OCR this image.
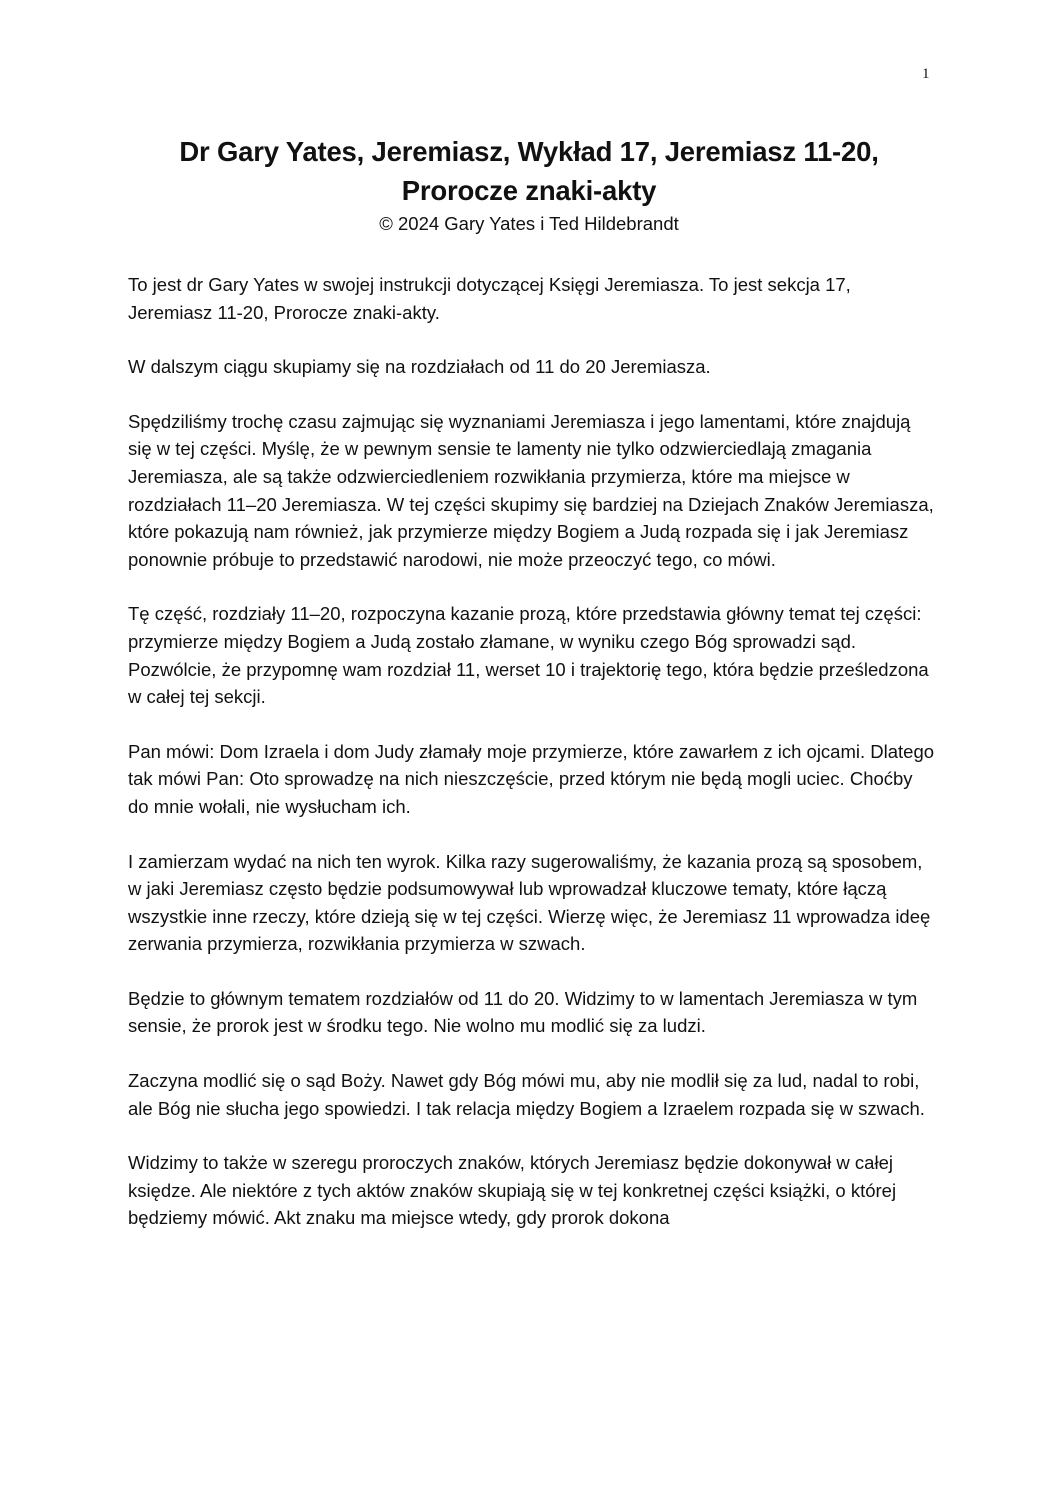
1
Dr Gary Yates, Jeremiasz, Wykład 17, Jeremiasz 11-20,
Prorocze znaki-akty

© 2024 Gary Yates i Ted Hildebrandt

To jest dr Gary Yates w swojej instrukcji dotyczącej Księgi Jeremiasza. To jest sekcja 17, Jeremiasz 11-20, Prorocze znaki-akty.

W dalszym ciągu skupiamy się na rozdziałach od 11 do 20 Jeremiasza.

Spędziliśmy trochę czasu zajmując się wyznaniami Jeremiasza i jego lamentami, które znajdują się w tej części. Myślę, że w pewnym sensie te lamenty nie tylko odzwierciedlają zmagania Jeremiasza, ale są także odzwierciedleniem rozwikłania przymierza, które ma miejsce w rozdziałach 11–20 Jeremiasza. W tej części skupimy się bardziej na Dziejach Znaków Jeremiasza, które pokazują nam również, jak przymierze między Bogiem a Judą rozpada się i jak Jeremiasz ponownie próbuje to przedstawić narodowi, nie może przeoczyć tego, co mówi.

Tę część, rozdziały 11–20, rozpoczyna kazanie prozą, które przedstawia główny temat tej części: przymierze między Bogiem a Judą zostało złamane, w wyniku czego Bóg sprowadzi sąd. Pozwólcie, że przypomnę wam rozdział 11, werset 10 i trajektorię tego, która będzie prześledzona w całej tej sekcji.

Pan mówi: Dom Izraela i dom Judy złamały moje przymierze, które zawarłem z ich ojcami. Dlatego tak mówi Pan: Oto sprowadzę na nich nieszczęście, przed którym nie będą mogli uciec. Choćby do mnie wołali, nie wysłucham ich.

I zamierzam wydać na nich ten wyrok. Kilka razy sugerowaliśmy, że kazania prozą są sposobem, w jaki Jeremiasz często będzie podsumowywał lub wprowadzał kluczowe tematy, które łączą wszystkie inne rzeczy, które dzieją się w tej części. Wierzę więc, że Jeremiasz 11 wprowadza ideę zerwania przymierza, rozwikłania przymierza w szwach.

Będzie to głównym tematem rozdziałów od 11 do 20. Widzimy to w lamentach Jeremiasza w tym sensie, że prorok jest w środku tego. Nie wolno mu modlić się za ludzi.

Zaczyna modlić się o sąd Boży. Nawet gdy Bóg mówi mu, aby nie modlił się za lud, nadal to robi, ale Bóg nie słucha jego spowiedzi. I tak relacja między Bogiem a Izraelem rozpada się w szwach.

Widzimy to także w szeregu proroczych znaków, których Jeremiasz będzie dokonywał w całej księdze. Ale niektóre z tych aktów znaków skupiają się w tej konkretnej części książki, o której będziemy mówić. Akt znaku ma miejsce wtedy, gdy prorok dokona
